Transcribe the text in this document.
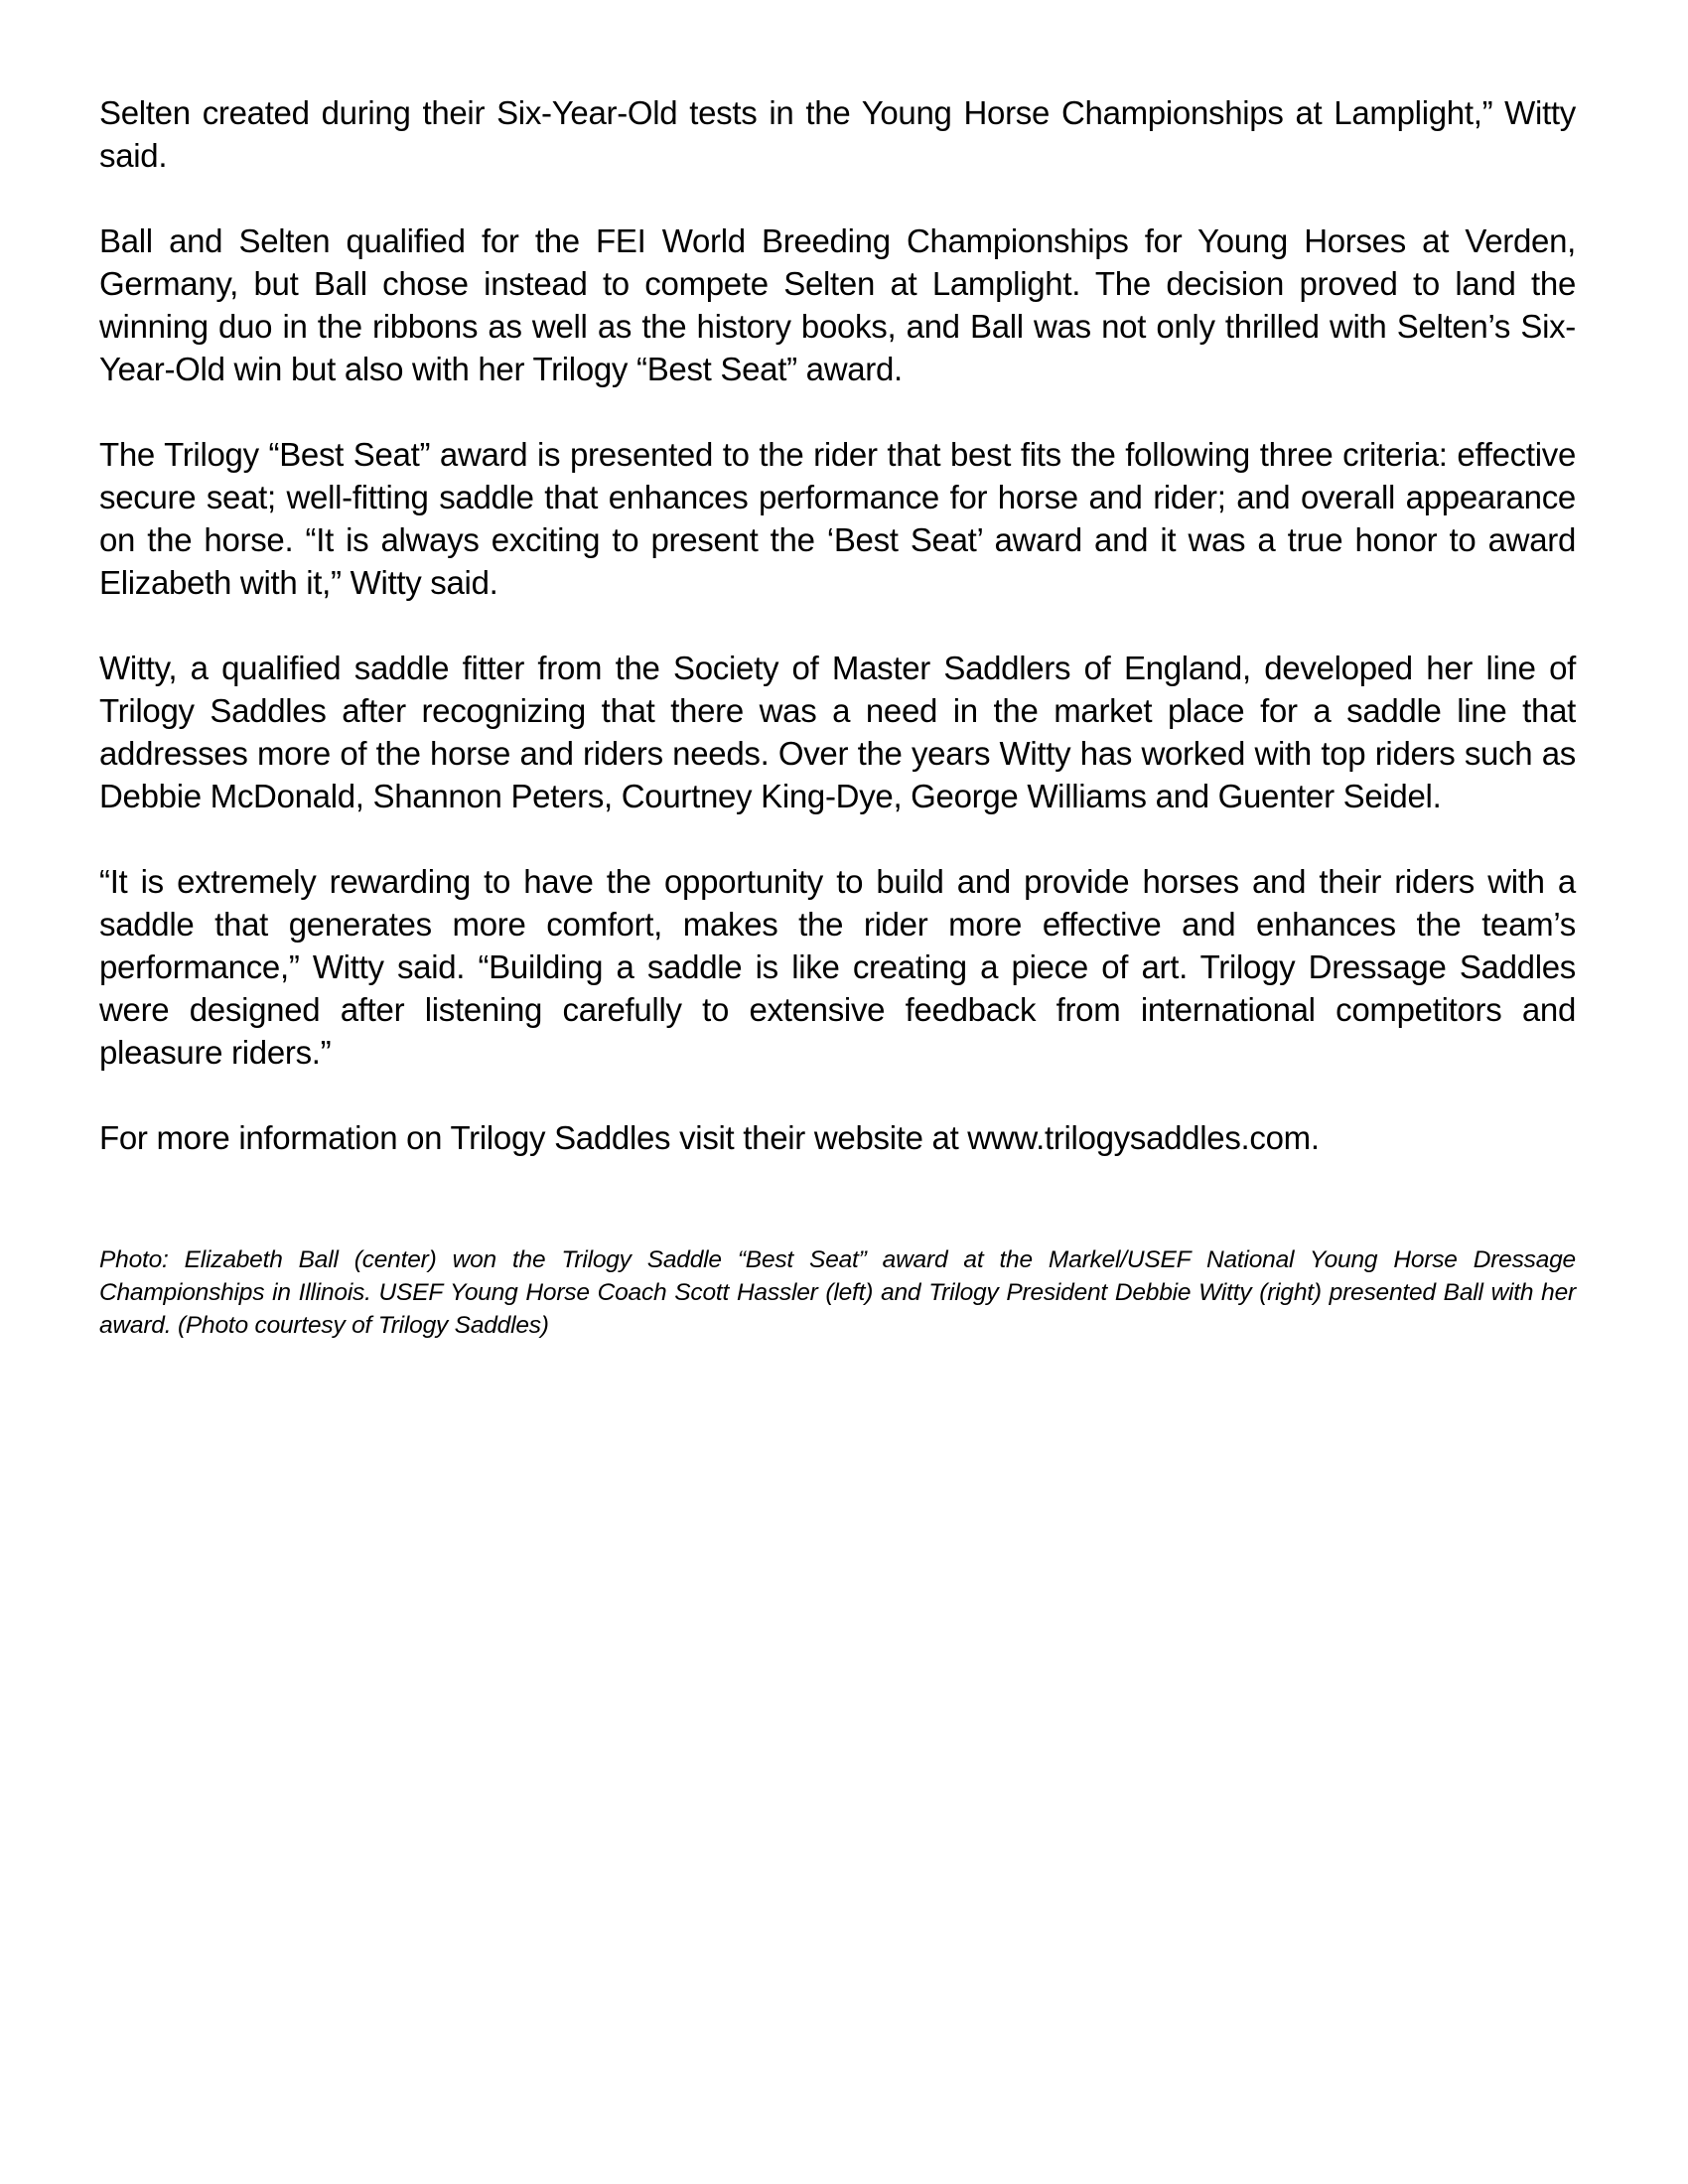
Selten created during their Six-Year-Old tests in the Young Horse Championships at Lamplight,” Witty said.

Ball and Selten qualified for the FEI World Breeding Championships for Young Horses at Verden, Germany, but Ball chose instead to compete Selten at Lamplight. The decision proved to land the winning duo in the ribbons as well as the history books, and Ball was not only thrilled with Selten’s Six-Year-Old win but also with her Trilogy “Best Seat” award.

The Trilogy “Best Seat” award is presented to the rider that best fits the following three criteria: effective secure seat; well-fitting saddle that enhances performance for horse and rider; and overall appearance on the horse. “It is always exciting to present the ‘Best Seat’ award and it was a true honor to award Elizabeth with it,” Witty said.

Witty, a qualified saddle fitter from the Society of Master Saddlers of England, developed her line of Trilogy Saddles after recognizing that there was a need in the market place for a saddle line that addresses more of the horse and riders needs. Over the years Witty has worked with top riders such as Debbie McDonald, Shannon Peters, Courtney King-Dye, George Williams and Guenter Seidel.

“It is extremely rewarding to have the opportunity to build and provide horses and their riders with a saddle that generates more comfort, makes the rider more effective and enhances the team’s performance,” Witty said. “Building a saddle is like creating a piece of art. Trilogy Dressage Saddles were designed after listening carefully to extensive feedback from international competitors and pleasure riders.”

For more information on Trilogy Saddles visit their website at www.trilogysaddles.com.

Photo: Elizabeth Ball (center) won the Trilogy Saddle “Best Seat” award at the Markel/USEF National Young Horse Dressage Championships in Illinois. USEF Young Horse Coach Scott Hassler (left) and Trilogy President Debbie Witty (right) presented Ball with her award. (Photo courtesy of Trilogy Saddles)
